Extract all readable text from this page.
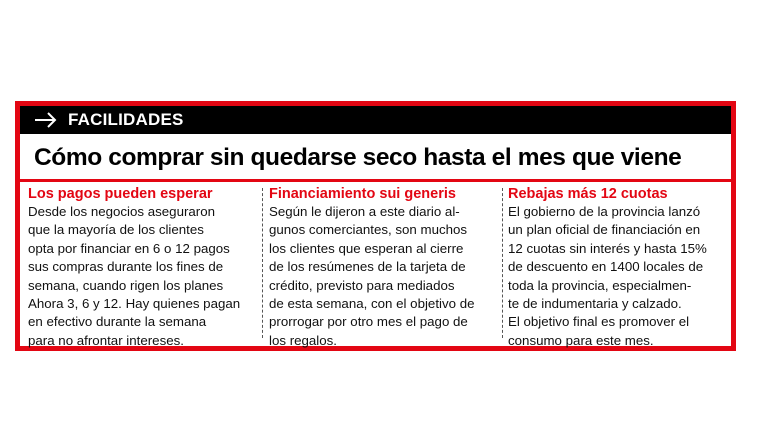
FACILIDADES
Cómo comprar sin quedarse seco hasta el mes que viene
Los pagos pueden esperar
Desde los negocios aseguraron
que la mayoría de los clientes
opta por financiar en 6 o 12 pagos
sus compras durante los fines de
semana, cuando rigen los planes
Ahora 3, 6 y 12. Hay quienes pagan
en efectivo durante la semana
para no afrontar intereses.
Financiamiento sui generis
Según le dijeron a este diario al-
gunos comerciantes, son muchos
los clientes que esperan al cierre
de los resúmenes de la tarjeta de
crédito, previsto para mediados
de esta semana, con el objetivo de
prorrogar por otro mes el pago de
los regalos.
Rebajas más 12 cuotas
El gobierno de la provincia lanzó
un plan oficial de financiación en
12 cuotas sin interés y hasta 15%
de descuento en 1400 locales de
toda la provincia, especialmen-
te de indumentaria y calzado.
El objetivo final es promover el
consumo para este mes.
